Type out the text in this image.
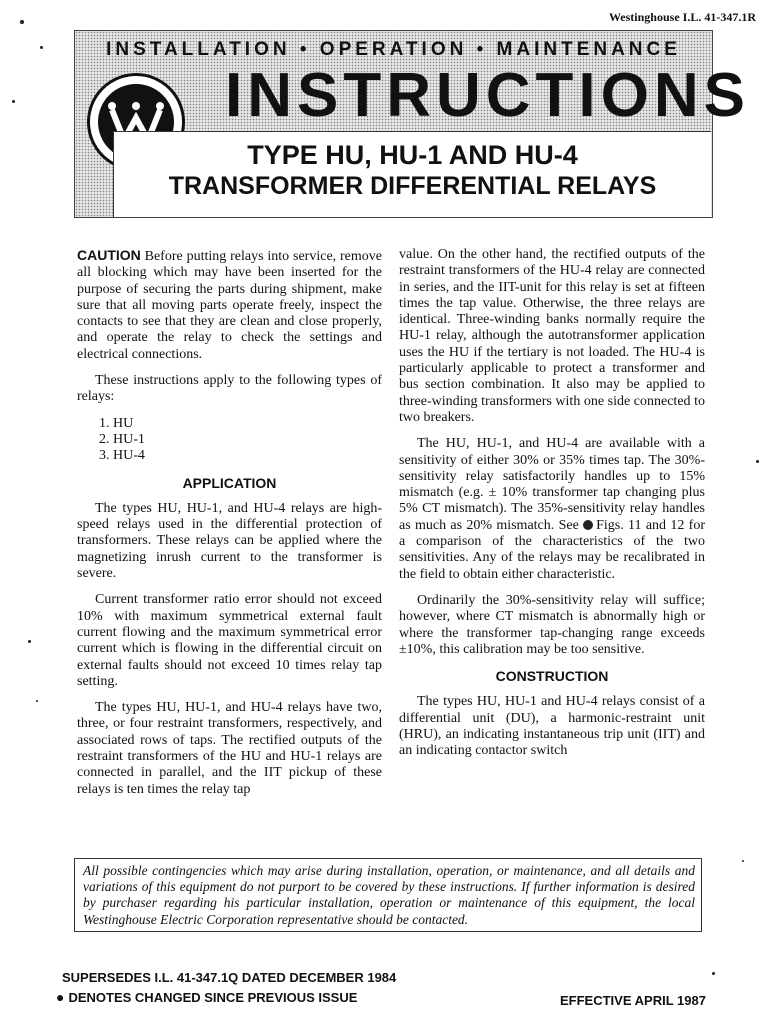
Westinghouse I.L. 41-347.1R
INSTALLATION • OPERATION • MAINTENANCE
INSTRUCTIONS
TYPE HU, HU-1 AND HU-4
TRANSFORMER DIFFERENTIAL RELAYS

CAUTION Before putting relays into service, remove all blocking which may have been inserted for the purpose of securing the parts during shipment, make sure that all moving parts operate freely, inspect the contacts to see that they are clean and close properly, and operate the relay to check the settings and electrical connections.

These instructions apply to the following types of relays:

1. HU
2. HU-1
3. HU-4

APPLICATION

The types HU, HU-1, and HU-4 relays are high-speed relays used in the differential protection of transformers. These relays can be applied where the magnetizing inrush current to the transformer is severe.

Current transformer ratio error should not exceed 10% with maximum symmetrical external fault current flowing and the maximum symmetrical error current which is flowing in the differential circuit on external faults should not exceed 10 times relay tap setting.

The types HU, HU-1, and HU-4 relays have two, three, or four restraint transformers, respectively, and associated rows of taps. The rectified outputs of the restraint transformers of the HU and HU-1 relays are connected in parallel, and the IIT pickup of these relays is ten times the relay tap

value. On the other hand, the rectified outputs of the restraint transformers of the HU-4 relay are connected in series, and the IIT-unit for this relay is set at fifteen times the tap value. Otherwise, the three relays are identical. Three-winding banks normally require the HU-1 relay, although the autotransformer application uses the HU if the tertiary is not loaded. The HU-4 is particularly applicable to protect a transformer and bus section combination. It also may be applied to three-winding transformers with one side connected to two breakers.

The HU, HU-1, and HU-4 are available with a sensitivity of either 30% or 35% times tap. The 30%-sensitivity relay satisfactorily handles up to 15% mismatch (e.g. ± 10% transformer tap changing plus 5% CT mismatch). The 35%-sensitivity relay handles as much as 20% mismatch. See Figs. 11 and 12 for a comparison of the characteristics of the two sensitivities. Any of the relays may be recalibrated in the field to obtain either characteristic.

Ordinarily the 30%-sensitivity relay will suffice; however, where CT mismatch is abnormally high or where the transformer tap-changing range exceeds ±10%, this calibration may be too sensitive.

CONSTRUCTION

The types HU, HU-1 and HU-4 relays consist of a differential unit (DU), a harmonic-restraint unit (HRU), an indicating instantaneous trip unit (IIT) and an indicating contactor switch

All possible contingencies which may arise during installation, operation, or maintenance, and all details and variations of this equipment do not purport to be covered by these instructions. If further information is desired by purchaser regarding his particular installation, operation or maintenance of this equipment, the local Westinghouse Electric Corporation representative should be contacted.

SUPERSEDES I.L. 41-347.1Q DATED DECEMBER 1984
● DENOTES CHANGED SINCE PREVIOUS ISSUE	EFFECTIVE APRIL 1987
